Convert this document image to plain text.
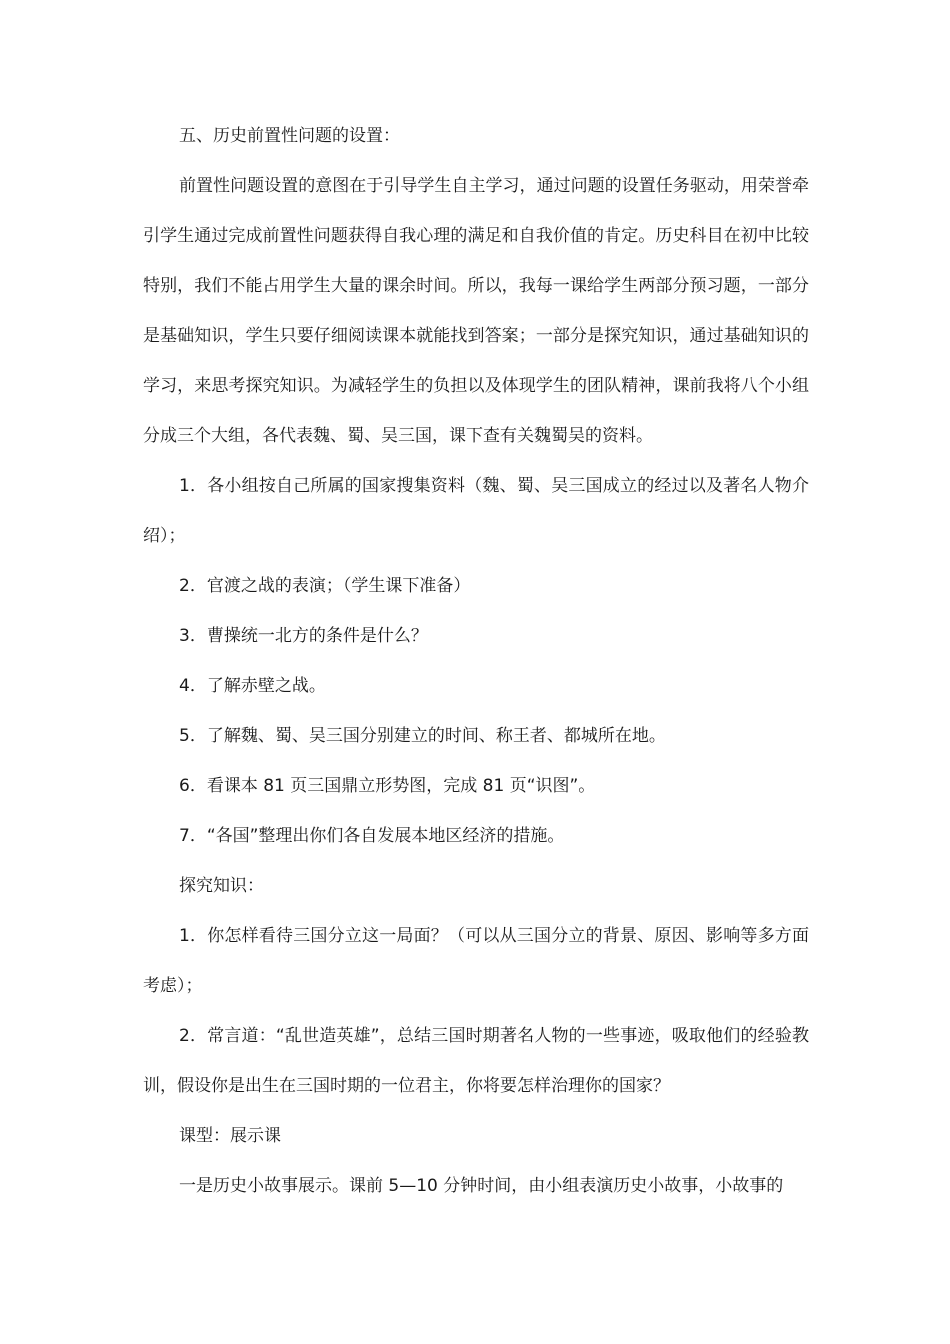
五、历史前置性问题的设置：

前置性问题设置的意图在于引导学生自主学习，通过问题的设置任务驱动，用荣誉牵引学生通过完成前置性问题获得自我心理的满足和自我价值的肯定。历史科目在初中比较特别，我们不能占用学生大量的课余时间。所以，我每一课给学生两部分预习题，一部分是基础知识，学生只要仔细阅读课本就能找到答案；一部分是探究知识，通过基础知识的学习，来思考探究知识。为减轻学生的负担以及体现学生的团队精神，课前我将八个小组分成三个大组，各代表魏、蜀、吴三国，课下查有关魏蜀吴的资料。

1．各小组按自己所属的国家搜集资料（魏、蜀、吴三国成立的经过以及著名人物介绍）；

2．官渡之战的表演；（学生课下准备）

3．曹操统一北方的条件是什么？

4．了解赤壁之战。

5．了解魏、蜀、吴三国分别建立的时间、称王者、都城所在地。

6．看课本 81 页三国鼎立形势图，完成 81 页“识图”。

7．“各国”整理出你们各自发展本地区经济的措施。

探究知识：

1．你怎样看待三国分立这一局面？（可以从三国分立的背景、原因、影响等多方面考虑）；

2．常言道：“乱世造英雄”，总结三国时期著名人物的一些事迹，吸取他们的经验教训，假设你是出生在三国时期的一位君主，你将要怎样治理你的国家？

课型：展示课

一是历史小故事展示。课前 5—10 分钟时间，由小组表演历史小故事，小故事的
